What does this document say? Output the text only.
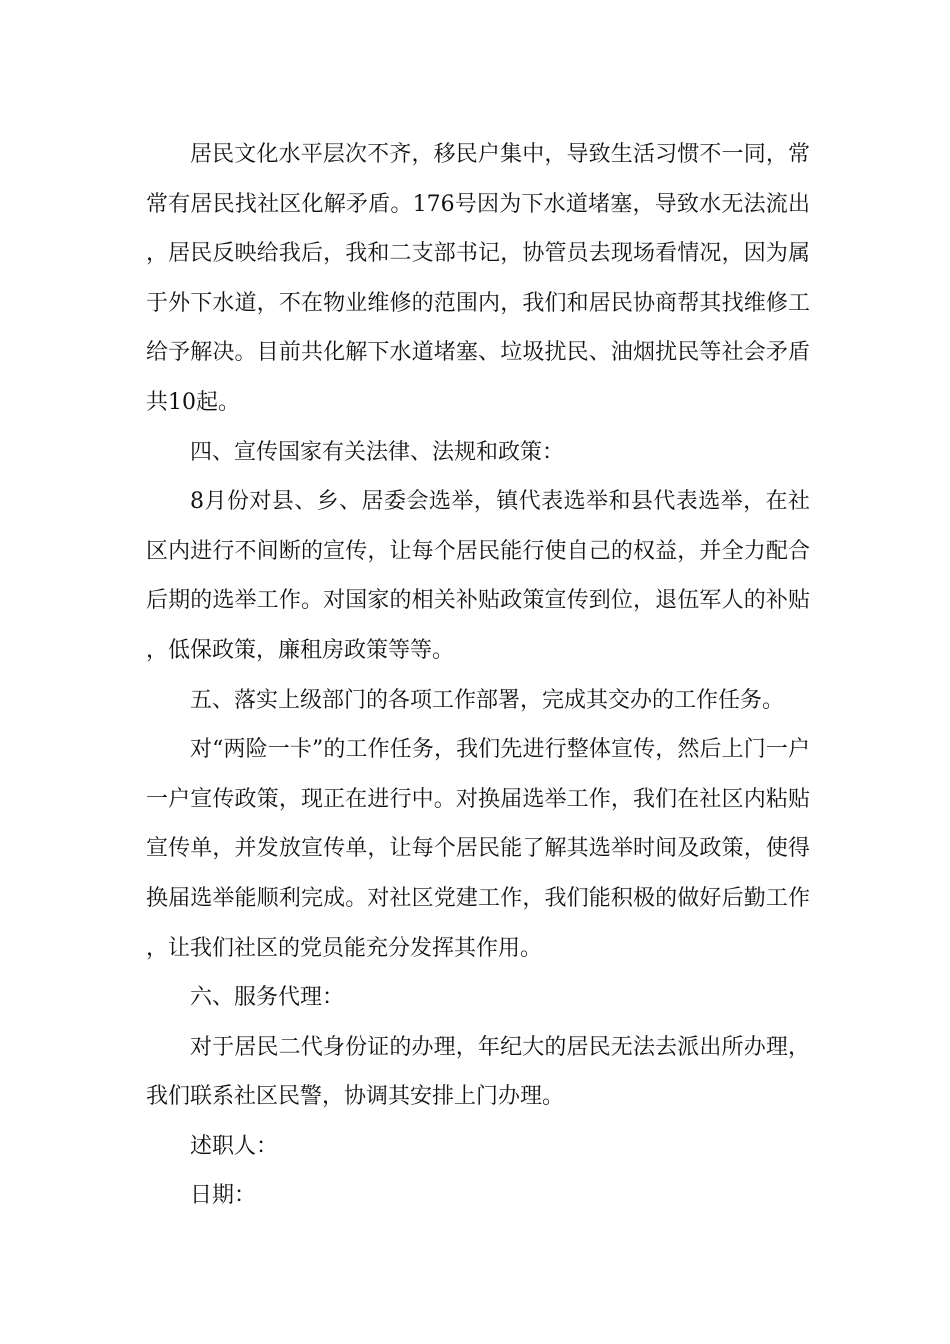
居民文化水平层次不齐，移民户集中，导致生活习惯不一同，常常有居民找社区化解矛盾。176号因为下水道堵塞，导致水无法流出，居民反映给我后，我和二支部书记，协管员去现场看情况，因为属于外下水道，不在物业维修的范围内，我们和居民协商帮其找维修工给予解决。目前共化解下水道堵塞、垃圾扰民、油烟扰民等社会矛盾共10起。

四、宣传国家有关法律、法规和政策：

8月份对县、乡、居委会选举，镇代表选举和县代表选举，在社区内进行不间断的宣传，让每个居民能行使自己的权益，并全力配合后期的选举工作。对国家的相关补贴政策宣传到位，退伍军人的补贴，低保政策，廉租房政策等等。

五、落实上级部门的各项工作部署，完成其交办的工作任务。

对“两险一卡”的工作任务，我们先进行整体宣传，然后上门一户一户宣传政策，现正在进行中。对换届选举工作，我们在社区内粘贴宣传单，并发放宣传单，让每个居民能了解其选举时间及政策，使得换届选举能顺利完成。对社区党建工作，我们能积极的做好后勤工作，让我们社区的党员能充分发挥其作用。

六、服务代理：

对于居民二代身份证的办理，年纪大的居民无法去派出所办理，我们联系社区民警，协调其安排上门办理。

述职人：

日期：
